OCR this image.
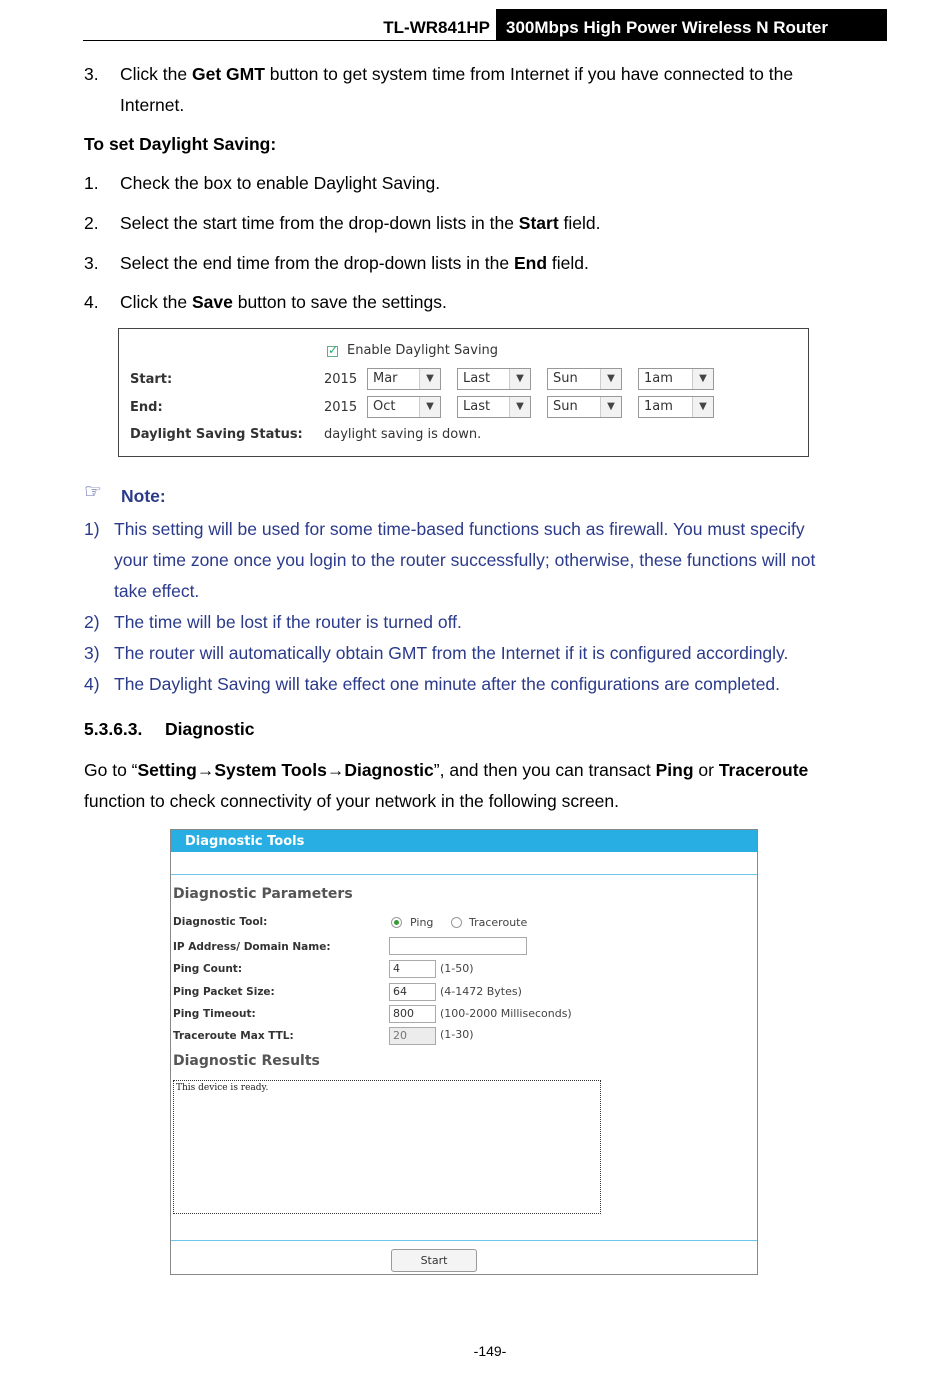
TL-WR841HP 300Mbps High Power Wireless N Router
3. Click the Get GMT button to get system time from Internet if you have connected to the
Internet.
To set Daylight Saving:
1. Check the box to enable Daylight Saving.
2. Select the start time from the drop-down lists in the Start field.
3. Select the end time from the drop-down lists in the End field.
4. Click the Save button to save the settings.
✓
Enable Daylight Saving
Start:	2015	Mar	▼	Last	▼	Sun	▼	1am	▼
End:	2015	Oct	▼	Last	▼	Sun	▼	1am	▼
Daylight Saving Status: daylight saving is down.
☞ Note:
1) This setting will be used for some time-based functions such as firewall. You must specify
your time zone once you login to the router successfully; otherwise, these functions will not
take effect.
2) The time will be lost if the router is turned off.
3) The router will automatically obtain GMT from the Internet if it is configured accordingly.
4) The Daylight Saving will take effect one minute after the configurations are completed.
5.3.6.3. Diagnostic
Go to “Setting→System Tools→Diagnostic”, and then you can transact Ping or Traceroute
function to check connectivity of your network in the following screen.
Diagnostic Tools
Diagnostic Parameters
Diagnostic Tool:	Ping	Traceroute
IP Address/ Domain Name:
Ping Count:	4	(1-50)
Ping Packet Size:	64	(4-1472 Bytes)
Ping Timeout:	800	(100-2000 Milliseconds)
Traceroute Max TTL:	20	(1-30)
Diagnostic Results
This device is ready.
Start
-149-
